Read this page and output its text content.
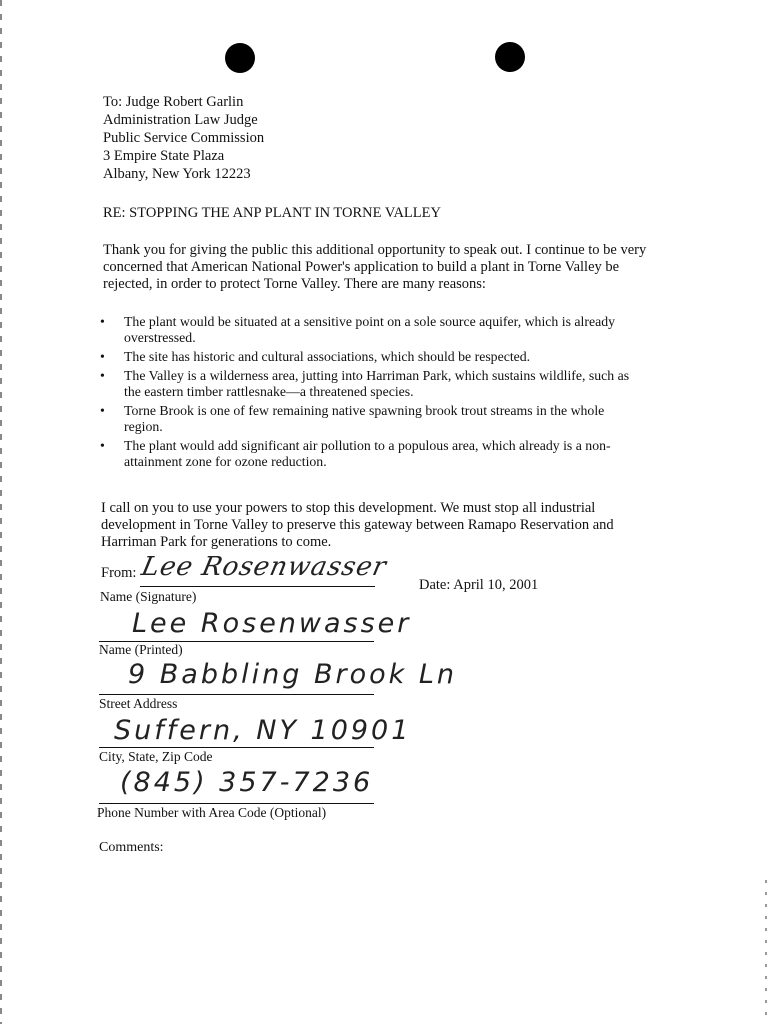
To: Judge Robert Garlin
Administration Law Judge
Public Service Commission
3 Empire State Plaza
Albany, New York 12223
RE: STOPPING THE ANP PLANT IN TORNE VALLEY
Thank you for giving the public this additional opportunity to speak out. I continue to be very concerned that American National Power's application to build a plant in Torne Valley be rejected, in order to protect Torne Valley. There are many reasons:
• The plant would be situated at a sensitive point on a sole source aquifer, which is already overstressed.
• The site has historic and cultural associations, which should be respected.
• The Valley is a wilderness area, jutting into Harriman Park, which sustains wildlife, such as the eastern timber rattlesnake—a threatened species.
• Torne Brook is one of few remaining native spawning brook trout streams in the whole region.
• The plant would add significant air pollution to a populous area, which already is a non-attainment zone for ozone reduction.
I call on you to use your powers to stop this development. We must stop all industrial development in Torne Valley to preserve this gateway between Ramapo Reservation and Harriman Park for generations to come.
From: Lee Rosenwasser
Date: April 10, 2001
Name (Signature)
Lee Rosenwasser
Name (Printed)
9 Babbling Brook Ln
Street Address
Suffern, NY 10901
City, State, Zip Code
(845) 357-7236
Phone Number with Area Code (Optional)
Comments:
